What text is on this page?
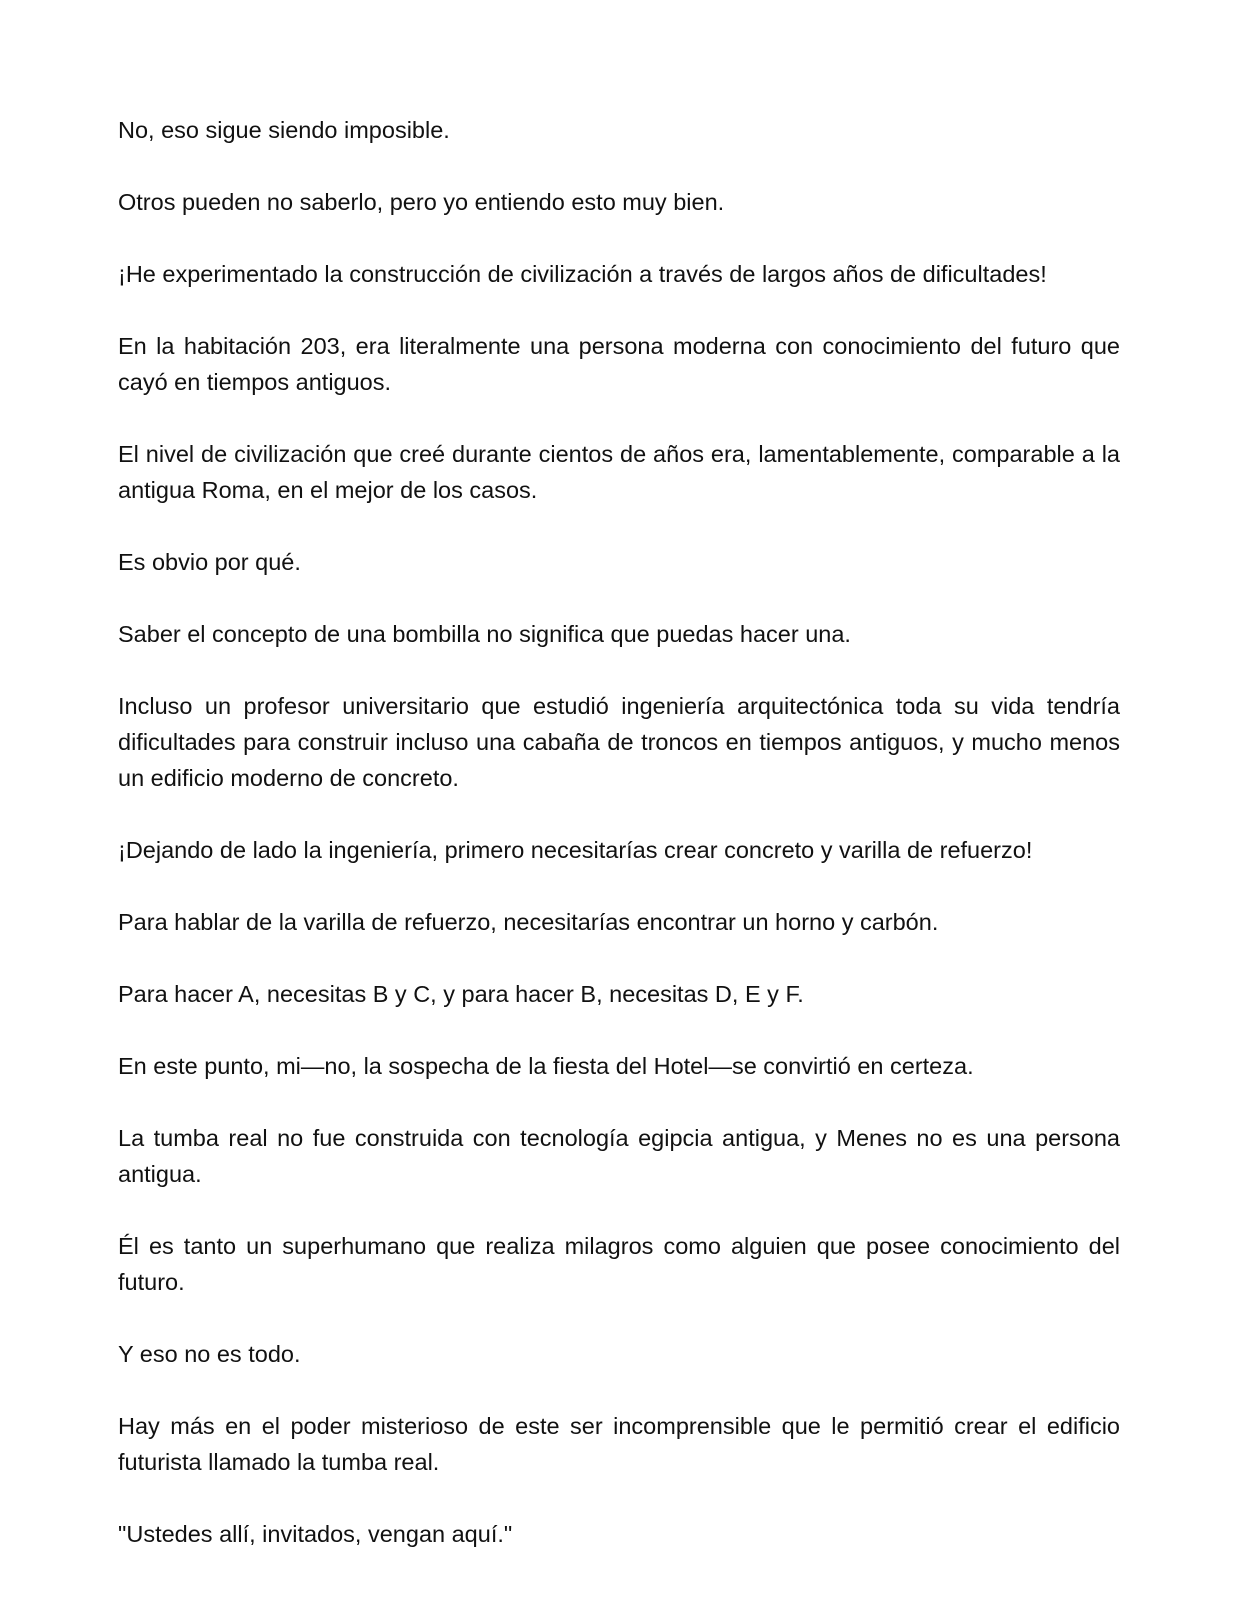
No, eso sigue siendo imposible.

Otros pueden no saberlo, pero yo entiendo esto muy bien.

¡He experimentado la construcción de civilización a través de largos años de dificultades!

En la habitación 203, era literalmente una persona moderna con conocimiento del futuro que cayó en tiempos antiguos.

El nivel de civilización que creé durante cientos de años era, lamentablemente, comparable a la antigua Roma, en el mejor de los casos.

Es obvio por qué.

Saber el concepto de una bombilla no significa que puedas hacer una.

Incluso un profesor universitario que estudió ingeniería arquitectónica toda su vida tendría dificultades para construir incluso una cabaña de troncos en tiempos antiguos, y mucho menos un edificio moderno de concreto.

¡Dejando de lado la ingeniería, primero necesitarías crear concreto y varilla de refuerzo!

Para hablar de la varilla de refuerzo, necesitarías encontrar un horno y carbón.

Para hacer A, necesitas B y C, y para hacer B, necesitas D, E y F.

En este punto, mi—no, la sospecha de la fiesta del Hotel—se convirtió en certeza.

La tumba real no fue construida con tecnología egipcia antigua, y Menes no es una persona antigua.

Él es tanto un superhumano que realiza milagros como alguien que posee conocimiento del futuro.

Y eso no es todo.

Hay más en el poder misterioso de este ser incomprensible que le permitió crear el edificio futurista llamado la tumba real.

"Ustedes allí, invitados, vengan aquí."
